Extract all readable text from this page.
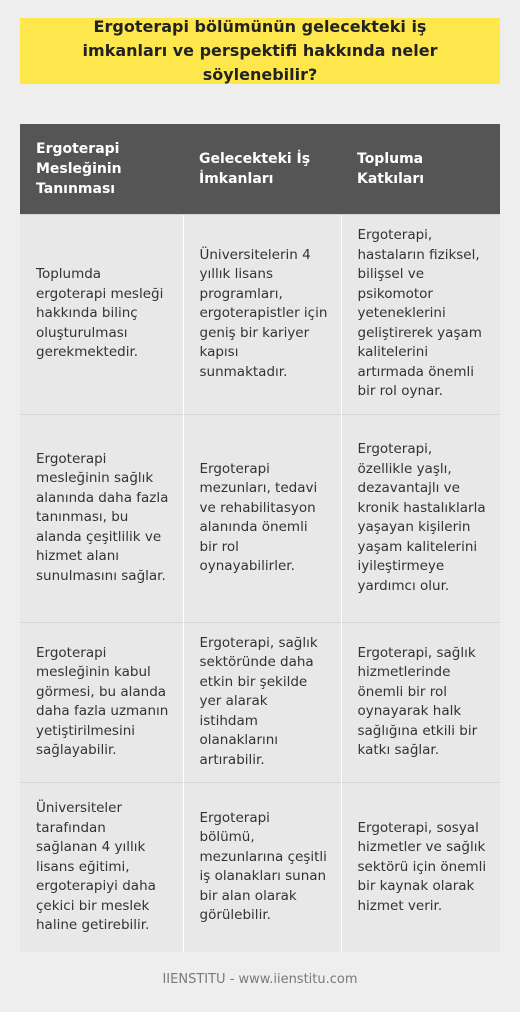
Ergoterapi bölümünün gelecekteki iş imkanları ve perspektifi hakkında neler söylenebilir?
Ergoterapi Mesleğinin Tanınması	Gelecekteki İş İmkanları	Topluma Katkıları
Toplumda ergoterapi mesleği hakkında bilinç oluşturulması gerekmektedir.	Üniversitelerin 4 yıllık lisans programları, ergoterapistler için geniş bir kariyer kapısı sunmaktadır.	Ergoterapi, hastaların fiziksel, bilişsel ve psikomotor yeteneklerini geliştirerek yaşam kalitelerini artırmada önemli bir rol oynar.
Ergoterapi mesleğinin sağlık alanında daha fazla tanınması, bu alanda çeşitlilik ve hizmet alanı sunulmasını sağlar.	Ergoterapi mezunları, tedavi ve rehabilitasyon alanında önemli bir rol oynayabilirler.	Ergoterapi, özellikle yaşlı, dezavantajlı ve kronik hastalıklarla yaşayan kişilerin yaşam kalitelerini iyileştirmeye yardımcı olur.
Ergoterapi mesleğinin kabul görmesi, bu alanda daha fazla uzmanın yetiştirilmesini sağlayabilir.	Ergoterapi, sağlık sektöründe daha etkin bir şekilde yer alarak istihdam olanaklarını artırabilir.	Ergoterapi, sağlık hizmetlerinde önemli bir rol oynayarak halk sağlığına etkili bir katkı sağlar.
Üniversiteler tarafından sağlanan 4 yıllık lisans eğitimi, ergoterapiyi daha çekici bir meslek haline getirebilir.	Ergoterapi bölümü, mezunlarına çeşitli iş olanakları sunan bir alan olarak görülebilir.	Ergoterapi, sosyal hizmetler ve sağlık sektörü için önemli bir kaynak olarak hizmet verir.
IIENSTITU - www.iienstitu.com
